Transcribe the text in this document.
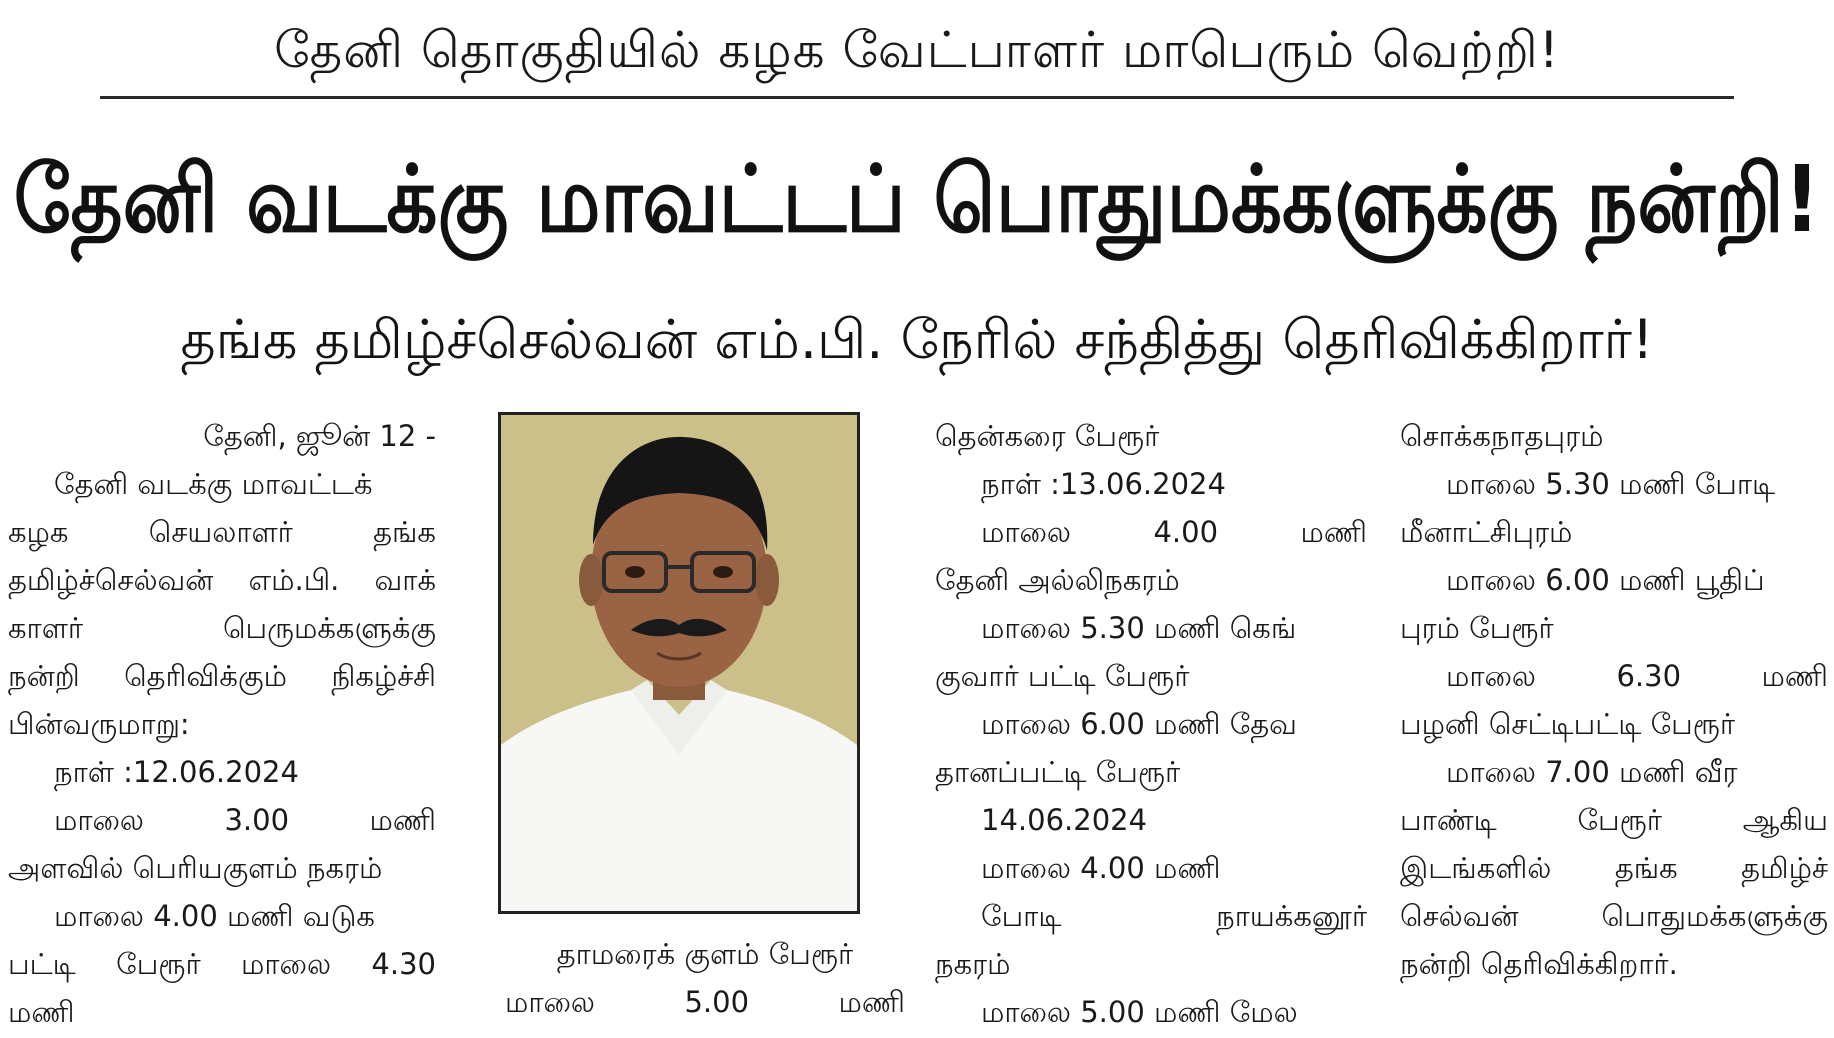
தேனி தொகுதியில் கழக வேட்பாளர் மாபெரும் வெற்றி!
தேனி வடக்கு மாவட்டப் பொதுமக்களுக்கு நன்றி!
தங்க தமிழ்ச்செல்வன் எம்.பி. நேரில் சந்தித்து தெரிவிக்கிறார்!
தேனி, ஜூன் 12 -
தேனி வடக்கு மாவட்டக்
கழக செயலாளர் தங்க
தமிழ்ச்செல்வன் எம்.பி. வாக்
காளர் பெருமக்களுக்கு
நன்றி தெரிவிக்கும் நிகழ்ச்சி
பின்வருமாறு:
நாள் :12.06.2024
மாலை 3.00 மணி
அளவில் பெரியகுளம் நகரம்
மாலை 4.00 மணி வடுக
பட்டி பேரூர் மாலை 4.30
மணி
தாமரைக் குளம் பேரூர்
மாலை 5.00 மணி
தென்கரை பேரூர்
நாள் :13.06.2024
மாலை 4.00 மணி
தேனி அல்லிநகரம்
மாலை 5.30 மணி கெங்
குவார் பட்டி பேரூர்
மாலை 6.00 மணி தேவ
தானப்பட்டி பேரூர்
14.06.2024
மாலை 4.00 மணி
போடி நாயக்கனூர்
நகரம்
மாலை 5.00 மணி மேல
சொக்கநாதபுரம்
மாலை 5.30 மணி போடி
மீனாட்சிபுரம்
மாலை 6.00 மணி பூதிப்
புரம் பேரூர்
மாலை 6.30 மணி
பழனி செட்டிபட்டி பேரூர்
மாலை 7.00 மணி வீர
பாண்டி பேரூர் ஆகிய
இடங்களில் தங்க தமிழ்ச்
செல்வன் பொதுமக்களுக்கு
நன்றி தெரிவிக்கிறார்.
